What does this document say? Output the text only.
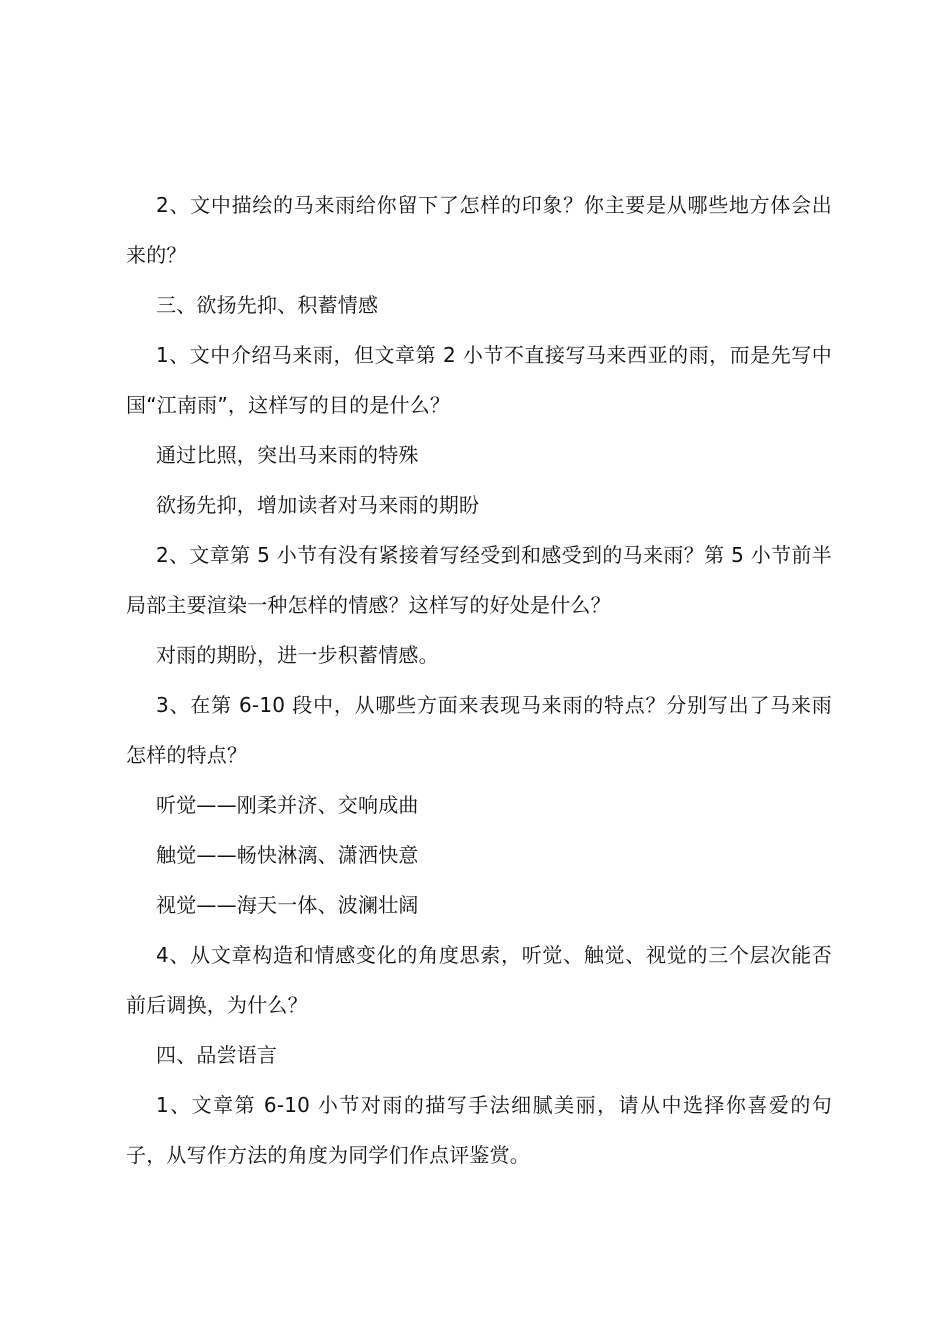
2、文中描绘的马来雨给你留下了怎样的印象？你主要是从哪些地方体会出来的？

三、欲扬先抑、积蓄情感

1、文中介绍马来雨，但文章第 2 小节不直接写马来西亚的雨，而是先写中国“江南雨”，这样写的目的是什么？

通过比照，突出马来雨的特殊

欲扬先抑，增加读者对马来雨的期盼

2、文章第 5 小节有没有紧接着写经受到和感受到的马来雨？第 5 小节前半局部主要渲染一种怎样的情感？这样写的好处是什么？

对雨的期盼，进一步积蓄情感。

3、在第 6-10 段中，从哪些方面来表现马来雨的特点？分别写出了马来雨怎样的特点？

听觉——刚柔并济、交响成曲

触觉——畅快淋漓、潇洒快意

视觉——海天一体、波澜壮阔

4、从文章构造和情感变化的角度思索，听觉、触觉、视觉的三个层次能否前后调换，为什么？

四、品尝语言

1、文章第 6-10 小节对雨的描写手法细腻美丽，请从中选择你喜爱的句子，从写作方法的角度为同学们作点评鉴赏。
